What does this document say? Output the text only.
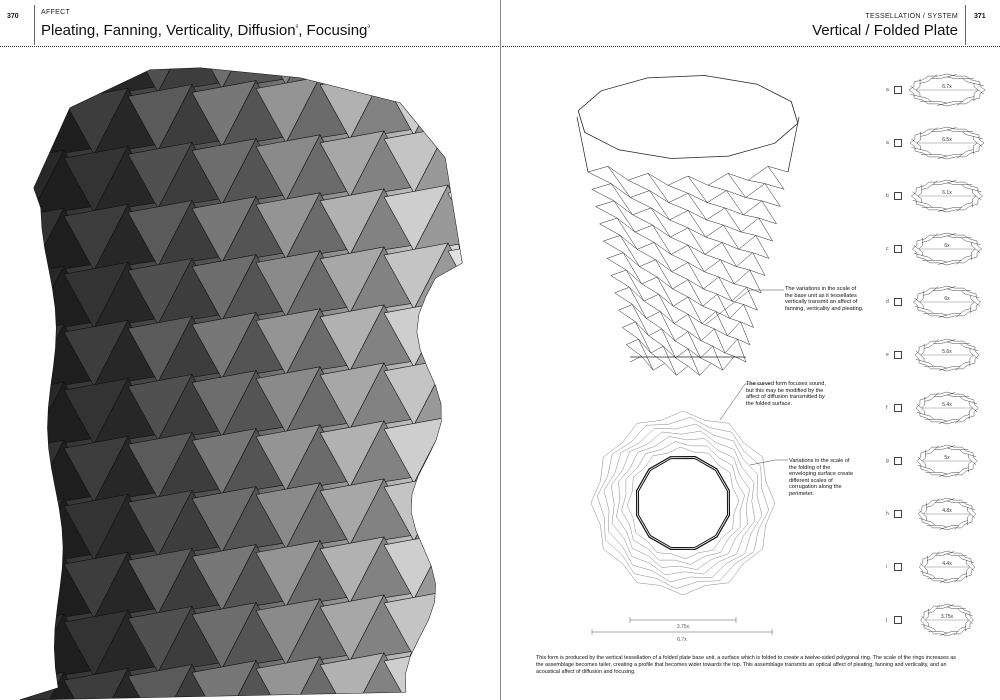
370
AFFECT
Pleating, Fanning, Verticality, Diffusion$^ᵊ$, Focusing$^ᵊ$
TESSELLATION / SYSTEM
Vertical / Folded Plate
371
3.75x
6.7x
The variations in the scale of the base unit as it tessellates vertically transmit an affect of fanning, verticality and pleating.
The curved form focuses sound, but this may be modified by the affect of diffusion transmitted by the folded surface.
Variations in the scale of the folding of the enveloping surface create different scales of corrugation along the perimeter.
a	6.7x
a	6.5x
b	6.1x
c	6x
d	6x
e	5.6x
f	5.4x
g	5x
h	4.8x
i	4.4x
j	3.75x
This form is produced by the vertical tessellation of a folded plate base unit, a surface which is folded to create a twelve-sided polygonal ring. The scale of the rings increases as the assemblage becomes taller, creating a profile that becomes wider towards the top. This assemblage transmits an optical affect of pleating, fanning and verticality, and an acoustical affect of diffusion and focusing.
